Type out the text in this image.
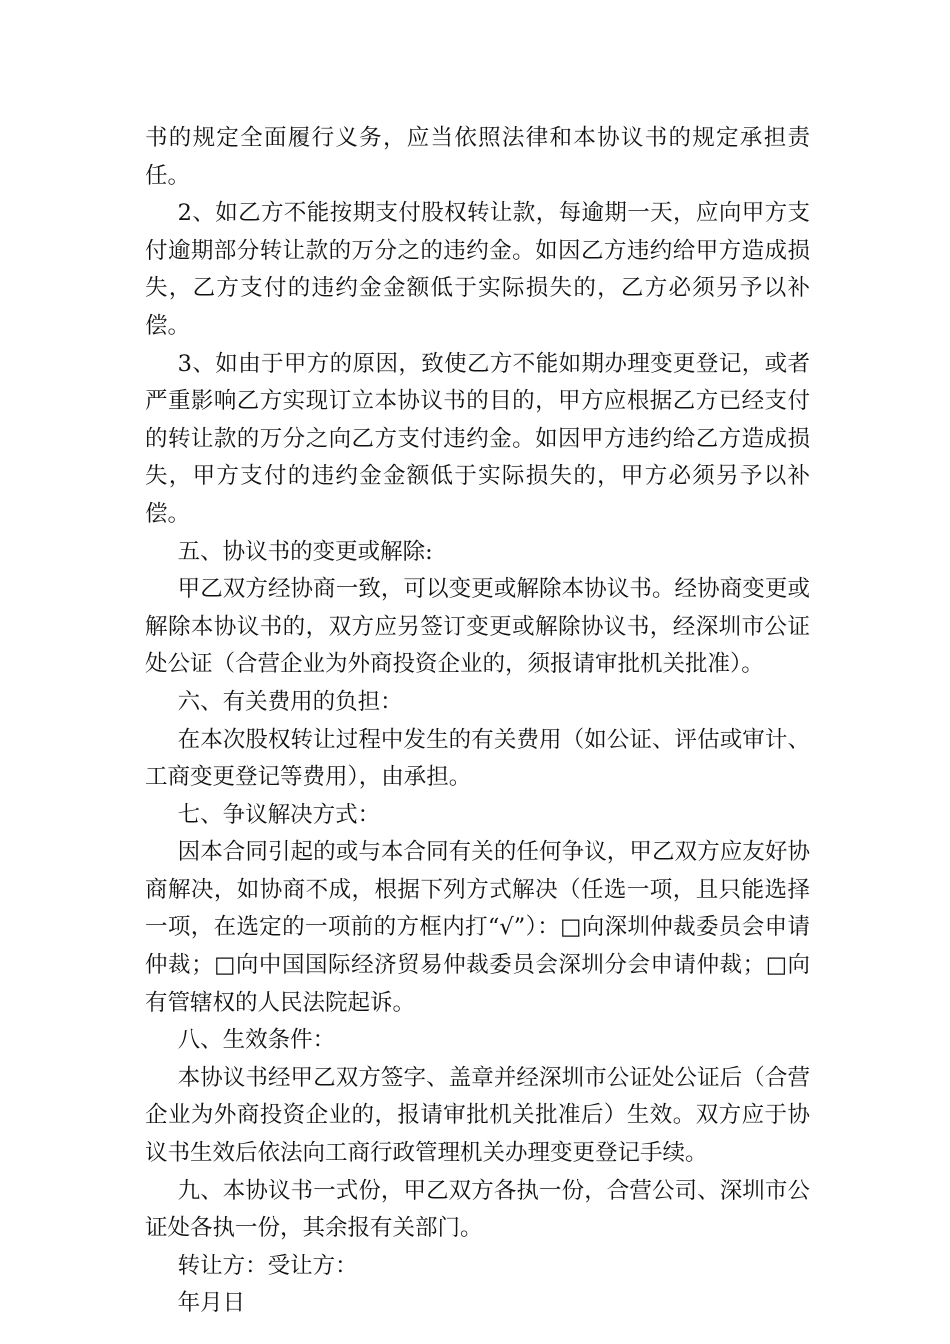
书的规定全面履行义务，应当依照法律和本协议书的规定承担责任。

2、如乙方不能按期支付股权转让款，每逾期一天，应向甲方支付逾期部分转让款的万分之的违约金。如因乙方违约给甲方造成损失，乙方支付的违约金金额低于实际损失的，乙方必须另予以补偿。

3、如由于甲方的原因，致使乙方不能如期办理变更登记，或者严重影响乙方实现订立本协议书的目的，甲方应根据乙方已经支付的转让款的万分之向乙方支付违约金。如因甲方违约给乙方造成损失，甲方支付的违约金金额低于实际损失的，甲方必须另予以补偿。

五、协议书的变更或解除:

甲乙双方经协商一致，可以变更或解除本协议书。经协商变更或解除本协议书的，双方应另签订变更或解除协议书，经深圳市公证处公证（合营企业为外商投资企业的，须报请审批机关批准）。

六、有关费用的负担：

在本次股权转让过程中发生的有关费用（如公证、评估或审计、工商变更登记等费用），由承担。

七、争议解决方式：

因本合同引起的或与本合同有关的任何争议，甲乙双方应友好协商解决，如协商不成，根据下列方式解决（任选一项，且只能选择一项，在选定的一项前的方框内打“√”）：□向深圳仲裁委员会申请仲裁；□向中国国际经济贸易仲裁委员会深圳分会申请仲裁；□向有管辖权的人民法院起诉。

八、生效条件：

本协议书经甲乙双方签字、盖章并经深圳市公证处公证后（合营企业为外商投资企业的，报请审批机关批准后）生效。双方应于协议书生效后依法向工商行政管理机关办理变更登记手续。

九、本协议书一式份，甲乙双方各执一份，合营公司、深圳市公证处各执一份，其余报有关部门。

转让方：受让方：

年月日
